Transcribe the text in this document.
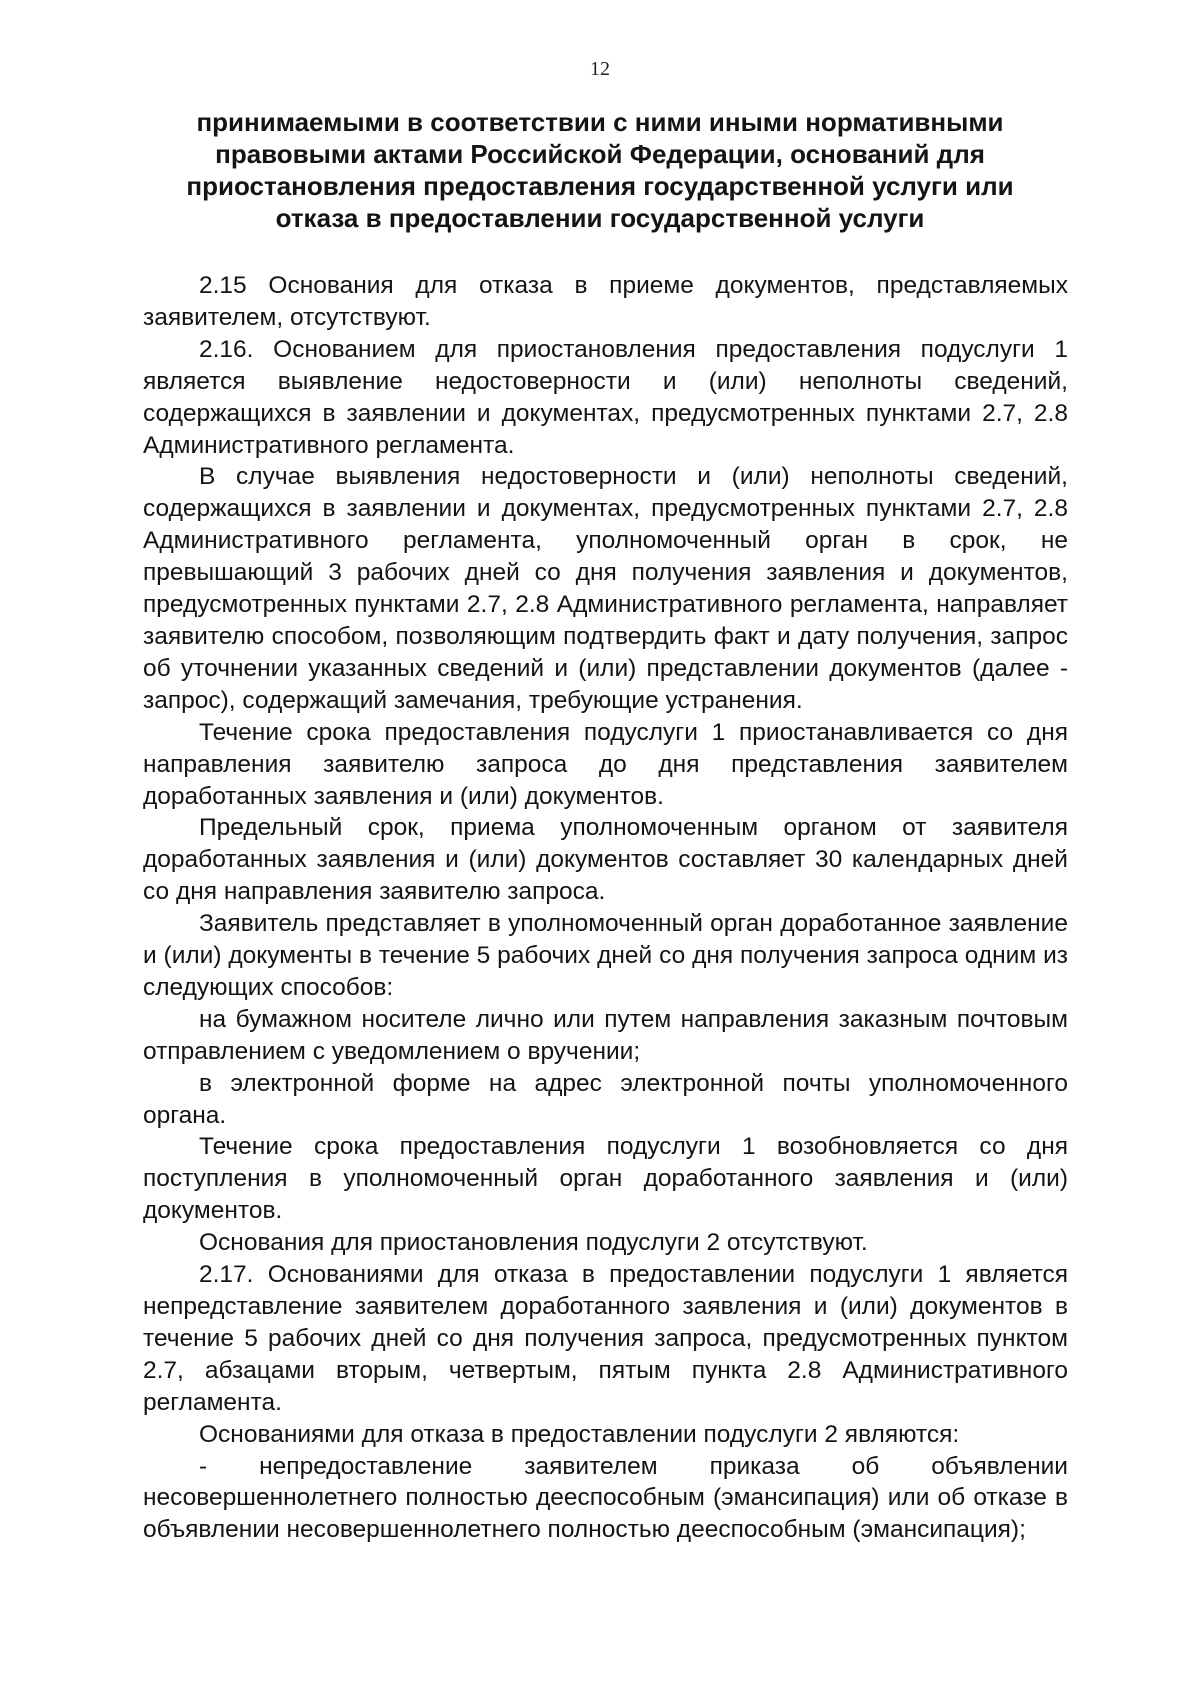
12
принимаемыми в соответствии с ними иными нормативными правовыми актами Российской Федерации, оснований для приостановления предоставления государственной услуги или отказа в предоставлении государственной услуги

2.15 Основания для отказа в приеме документов, представляемых заявителем, отсутствуют.

2.16. Основанием для приостановления предоставления подуслуги 1 является выявление недостоверности и (или) неполноты сведений, содержащихся в заявлении и документах, предусмотренных пунктами 2.7, 2.8 Административного регламента.

В случае выявления недостоверности и (или) неполноты сведений, содержащихся в заявлении и документах, предусмотренных пунктами 2.7, 2.8 Административного регламента, уполномоченный орган в срок, не превышающий 3 рабочих дней со дня получения заявления и документов, предусмотренных пунктами 2.7, 2.8 Административного регламента, направляет заявителю способом, позволяющим подтвердить факт и дату получения, запрос об уточнении указанных сведений и (или) представлении документов (далее - запрос), содержащий замечания, требующие устранения.

Течение срока предоставления подуслуги 1 приостанавливается со дня направления заявителю запроса до дня представления заявителем доработанных заявления и (или) документов.

Предельный срок, приема уполномоченным органом от заявителя доработанных заявления и (или) документов составляет 30 календарных дней со дня направления заявителю запроса.

Заявитель представляет в уполномоченный орган доработанное заявление и (или) документы в течение 5 рабочих дней со дня получения запроса одним из следующих способов:

на бумажном носителе лично или путем направления заказным почтовым отправлением с уведомлением о вручении;

в электронной форме на адрес электронной почты уполномоченного органа.

Течение срока предоставления подуслуги 1 возобновляется со дня поступления в уполномоченный орган доработанного заявления и (или) документов.

Основания для приостановления подуслуги 2 отсутствуют.

2.17. Основаниями для отказа в предоставлении подуслуги 1 является непредставление заявителем доработанного заявления и (или) документов в течение 5 рабочих дней со дня получения запроса, предусмотренных пунктом 2.7, абзацами вторым, четвертым, пятым пункта 2.8 Административного регламента.

Основаниями для отказа в предоставлении подуслуги 2 являются:

- непредоставление заявителем приказа об объявлении несовершеннолетнего полностью дееспособным (эмансипация) или об отказе в объявлении несовершеннолетнего полностью дееспособным (эмансипация);
